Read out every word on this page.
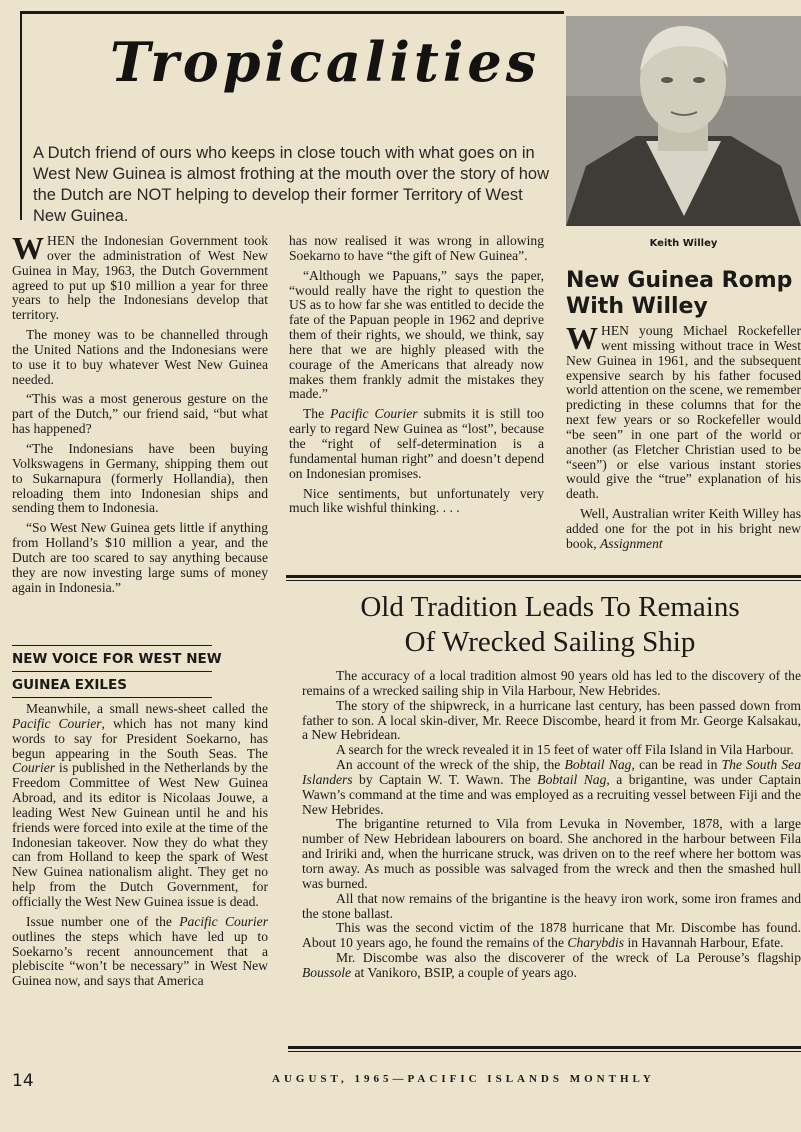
Tropicalities
A Dutch friend of ours who keeps in close touch with what goes on in West New Guinea is almost frothing at the mouth over the story of how the Dutch are NOT helping to develop their former Territory of West New Guinea.
Keith Willey

WHEN the Indonesian Government took over the administration of West New Guinea in May, 1963, the Dutch Government agreed to put up $10 million a year for three years to help the Indonesians develop that territory.

The money was to be channelled through the United Nations and the Indonesians were to use it to buy whatever West New Guinea needed.

“This was a most generous gesture on the part of the Dutch,” our friend said, “but what has happened?

“The Indonesians have been buying Volkswagens in Germany, shipping them out to Sukarnapura (formerly Hollandia), then reloading them into Indonesian ships and sending them to Indonesia.

“So West New Guinea gets little if anything from Holland’s $10 million a year, and the Dutch are too scared to say anything because they are now investing large sums of money again in Indonesia.”

NEW VOICE FOR WEST NEW
GUINEA EXILES

Meanwhile, a small news-sheet called the Pacific Courier, which has not many kind words to say for President Soekarno, has begun appearing in the South Seas. The Courier is published in the Netherlands by the Freedom Committee of West New Guinea Abroad, and its editor is Nicolaas Jouwe, a leading West New Guinean until he and his friends were forced into exile at the time of the Indonesian takeover. Now they do what they can from Holland to keep the spark of West New Guinea nationalism alight. They get no help from the Dutch Government, for officially the West New Guinea issue is dead.

Issue number one of the Pacific Courier outlines the steps which have led up to Soekarno’s recent announcement that a plebiscite “won’t be necessary” in West New Guinea now, and says that America

has now realised it was wrong in allowing Soekarno to have “the gift of New Guinea”.

“Although we Papuans,” says the paper, “would really have the right to question the US as to how far she was entitled to decide the fate of the Papuan people in 1962 and deprive them of their rights, we should, we think, say here that we are highly pleased with the courage of the Americans that already now makes them frankly admit the mistakes they made.”

The Pacific Courier submits it is still too early to regard New Guinea as “lost”, because the “right of self-determination is a fundamental human right” and doesn’t depend on Indonesian promises.

Nice sentiments, but unfortunately very much like wishful thinking. . . .

New Guinea Romp
With Willey

WHEN young Michael Rockefeller went missing without trace in West New Guinea in 1961, and the subsequent expensive search by his father focused world attention on the scene, we remember predicting in these columns that for the next few years or so Rockefeller would “be seen” in one part of the world or another (as Fletcher Christian used to be “seen”) or else various instant stories would give the “true” explanation of his death.

Well, Australian writer Keith Willey has added one for the pot in his bright new book, Assignment

Old Tradition Leads To Remains
Of Wrecked Sailing Ship

The accuracy of a local tradition almost 90 years old has led to the discovery of the remains of a wrecked sailing ship in Vila Harbour, New Hebrides.

The story of the shipwreck, in a hurricane last century, has been passed down from father to son. A local skin-diver, Mr. Reece Discombe, heard it from Mr. George Kalsakau, a New Hebridean.

A search for the wreck revealed it in 15 feet of water off Fila Island in Vila Harbour.

An account of the wreck of the ship, the Bobtail Nag, can be read in The South Sea Islanders by Captain W. T. Wawn. The Bobtail Nag, a brigantine, was under Captain Wawn’s command at the time and was employed as a recruiting vessel between Fiji and the New Hebrides.

The brigantine returned to Vila from Levuka in November, 1878, with a large number of New Hebridean labourers on board. She anchored in the harbour between Fila and Iririki and, when the hurricane struck, was driven on to the reef where her bottom was torn away. As much as possible was salvaged from the wreck and then the smashed hull was burned.

All that now remains of the brigantine is the heavy iron work, some iron frames and the stone ballast.

This was the second victim of the 1878 hurricane that Mr. Discombe has found. About 10 years ago, he found the remains of the Charybdis in Havannah Harbour, Efate.

Mr. Discombe was also the discoverer of the wreck of La Perouse’s flagship Boussole at Vanikoro, BSIP, a couple of years ago.

14	AUGUST, 1965—PACIFIC ISLANDS MONTHLY
